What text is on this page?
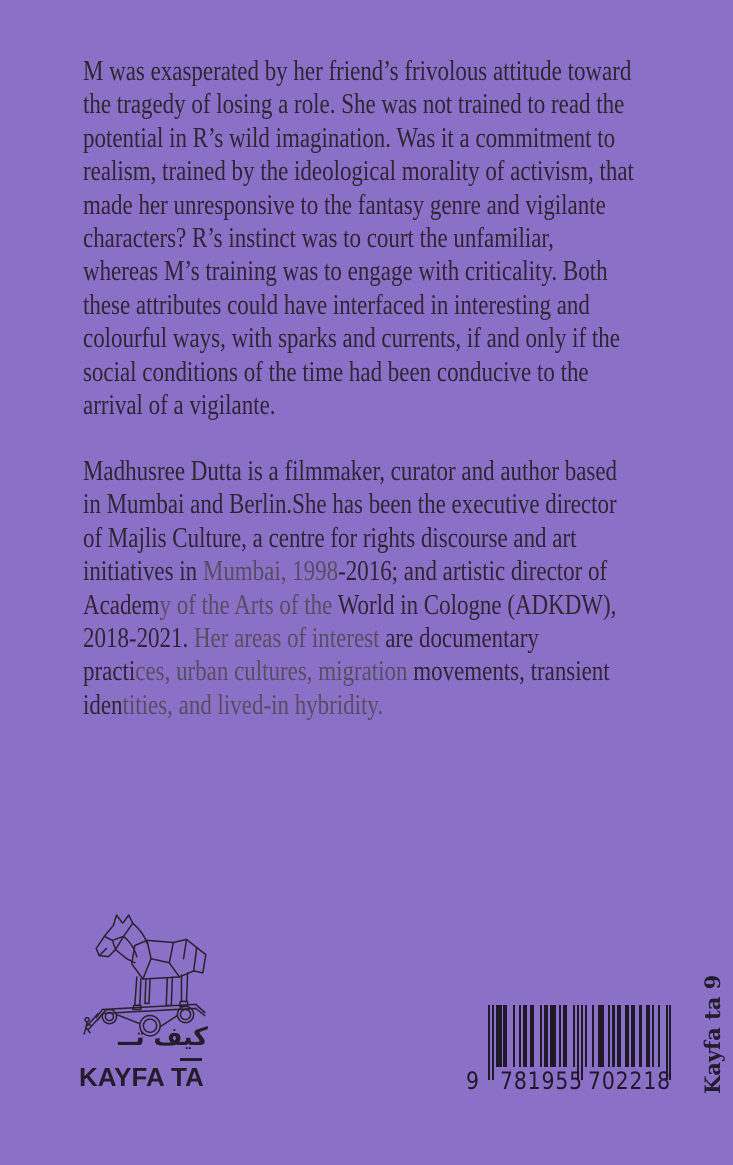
M was exasperated by her friend’s frivolous attitude toward
the tragedy of losing a role. She was not trained to read the
potential in R’s wild imagination. Was it a commitment to
realism, trained by the ideological morality of activism, that
made her unresponsive to the fantasy genre and vigilante
characters? R’s instinct was to court the unfamiliar,
whereas M’s training was to engage with criticality. Both
these attributes could have interfaced in interesting and
colourful ways, with sparks and currents, if and only if the
social conditions of the time had been conducive to the
arrival of a vigilante.
Madhusree Dutta is a filmmaker, curator and author based
in Mumbai and Berlin.She has been the executive director
of Majlis Culture, a centre for rights discourse and art
initiatives in Mumbai, 1998-2016; and artistic director of
Academy of the Arts of the World in Cologne (ADKDW),
2018-2021. Her areas of interest are documentary
practices, urban cultures, migration movements, transient
identities, and lived-in hybridity.
كيف تــ
KAYFA TA	9 781955 702218 Kayfa ta 9
